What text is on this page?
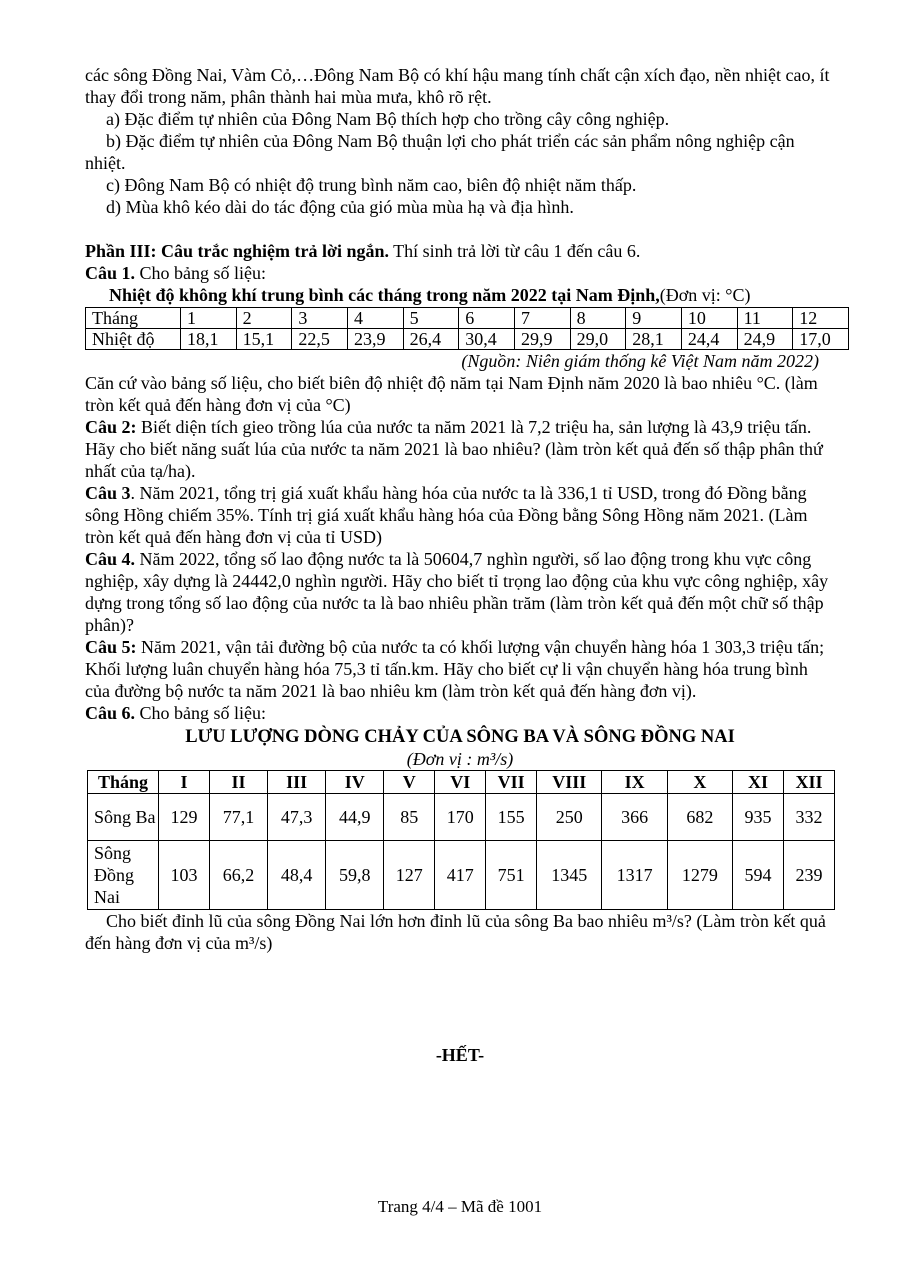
các sông Đồng Nai, Vàm Cỏ,…Đông Nam Bộ có khí hậu mang tính chất cận xích đạo, nền nhiệt cao, ít thay đổi trong năm, phân thành hai mùa mưa, khô rõ rệt.

a) Đặc điểm tự nhiên của Đông Nam Bộ thích hợp cho trồng cây công nghiệp.

b) Đặc điểm tự nhiên của Đông Nam Bộ thuận lợi cho phát triển các sản phẩm nông nghiệp cận nhiệt.

c) Đông Nam Bộ có nhiệt độ trung bình năm cao, biên độ nhiệt năm thấp.

d) Mùa khô kéo dài do tác động của gió mùa mùa hạ và địa hình.

Phần III: Câu trắc nghiệm trả lời ngắn. Thí sinh trả lời từ câu 1 đến câu 6.

Câu 1. Cho bảng số liệu:

Nhiệt độ không khí trung bình các tháng trong năm 2022 tại Nam Định,(Đơn vị: °C)

Tháng	1	2	3	4	5	6	7	8	9	10	11	12
Nhiệt độ	18,1	15,1	22,5	23,9	26,4	30,4	29,9	29,0	28,1	24,4	24,9	17,0

(Nguồn: Niên giám thống kê Việt Nam năm 2022)

Căn cứ vào bảng số liệu, cho biết biên độ nhiệt độ năm tại Nam Định năm 2020 là bao nhiêu °C. (làm tròn kết quả đến hàng đơn vị của °C)

Câu 2: Biết diện tích gieo trồng lúa của nước ta năm 2021 là 7,2 triệu ha, sản lượng là 43,9 triệu tấn. Hãy cho biết năng suất lúa của nước ta năm 2021 là bao nhiêu? (làm tròn kết quả đến số thập phân thứ nhất của tạ/ha).

Câu 3. Năm 2021, tổng trị giá xuất khẩu hàng hóa của nước ta là 336,1 tỉ USD, trong đó Đồng bằng sông Hồng chiếm 35%. Tính trị giá xuất khẩu hàng hóa của Đồng bằng Sông Hồng năm 2021. (Làm tròn kết quả đến hàng đơn vị của tỉ USD)

Câu 4. Năm 2022, tổng số lao động nước ta là 50604,7 nghìn người, số lao động trong khu vực công nghiệp, xây dựng là 24442,0 nghìn người. Hãy cho biết tỉ trọng lao động của khu vực công nghiệp, xây dựng trong tổng số lao động của nước ta là bao nhiêu phần trăm (làm tròn kết quả đến một chữ số thập phân)?

Câu 5: Năm 2021, vận tải đường bộ của nước ta có khối lượng vận chuyển hàng hóa 1 303,3 triệu tấn; Khối lượng luân chuyển hàng hóa 75,3 tỉ tấn.km. Hãy cho biết cự li vận chuyển hàng hóa trung bình của đường bộ nước ta năm 2021 là bao nhiêu km (làm tròn kết quả đến hàng đơn vị).

Câu 6. Cho bảng số liệu:

LƯU LƯỢNG DÒNG CHẢY CỦA SÔNG BA VÀ SÔNG ĐỒNG NAI

(Đơn vị : m³/s)

Tháng	I	II	III	IV	V	VI	VII	VIII	IX	X	XI	XII
Sông Ba	129	77,1	47,3	44,9	85	170	155	250	366	682	935	332
Sông Đồng Nai	103	66,2	48,4	59,8	127	417	751	1345	1317	1279	594	239

Cho biết đỉnh lũ của sông Đồng Nai lớn hơn đỉnh lũ của sông Ba bao nhiêu m³/s? (Làm tròn kết quả đến hàng đơn vị của m³/s)

-HẾT-

Trang 4/4 – Mã đề 1001
